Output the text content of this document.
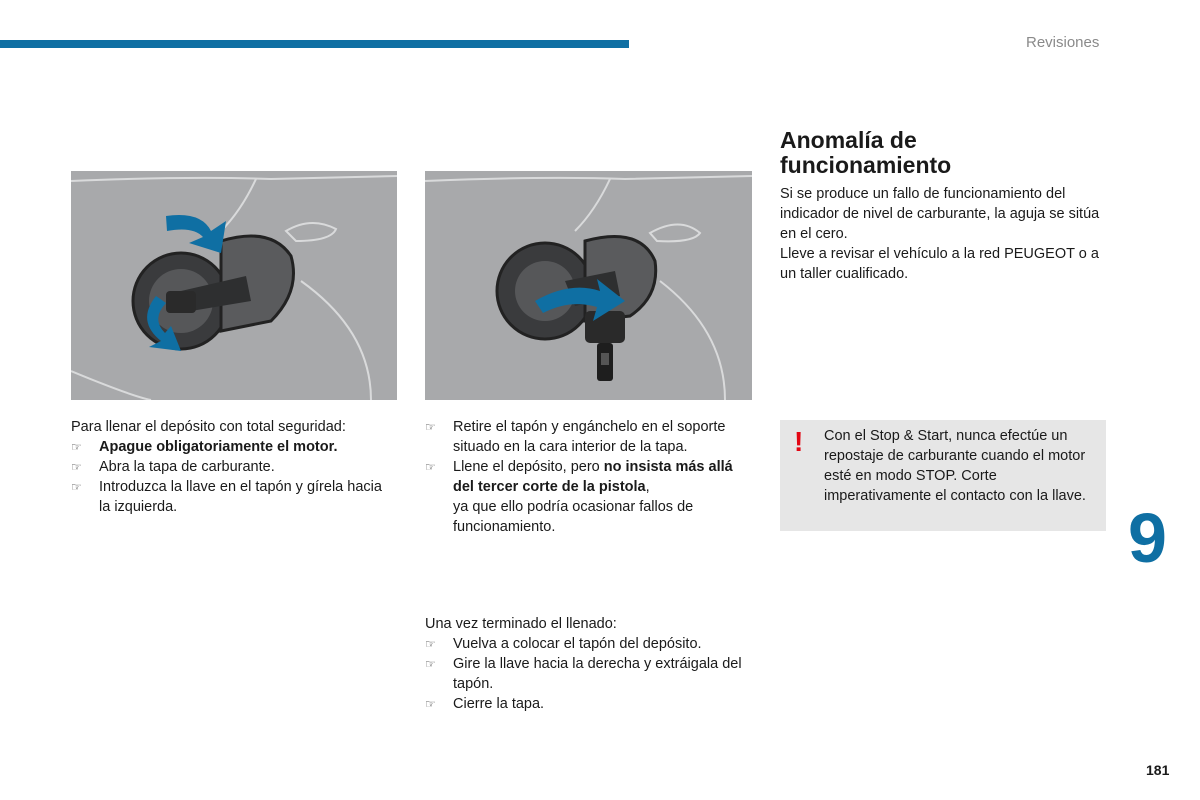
Revisiones

Para llenar el depósito con total seguridad:

☞ Apague obligatoriamente el motor.
☞ Abra la tapa de carburante.
☞ Introduzca la llave en el tapón y gírela hacia la izquierda.
☞ Retire el tapón y engánchelo en el soporte situado en la cara interior de la tapa.
☞ Llene el depósito, pero no insista más allá del tercer corte de la pistola,
ya que ello podría ocasionar fallos de funcionamiento.

Una vez terminado el llenado:

☞ Vuelva a colocar el tapón del depósito.
☞ Gire la llave hacia la derecha y extráigala del tapón.
☞ Cierre la tapa.
Anomalía de
funcionamiento

Si se produce un fallo de funcionamiento del indicador de nivel de carburante, la aguja se sitúa en el cero.

Lleve a revisar el vehículo a la red PEUGEOT o a un taller cualificado.

! Con el Stop & Start, nunca efectúe un repostaje de carburante cuando el motor esté en modo STOP. Corte imperativamente el contacto con la llave.
9
181
